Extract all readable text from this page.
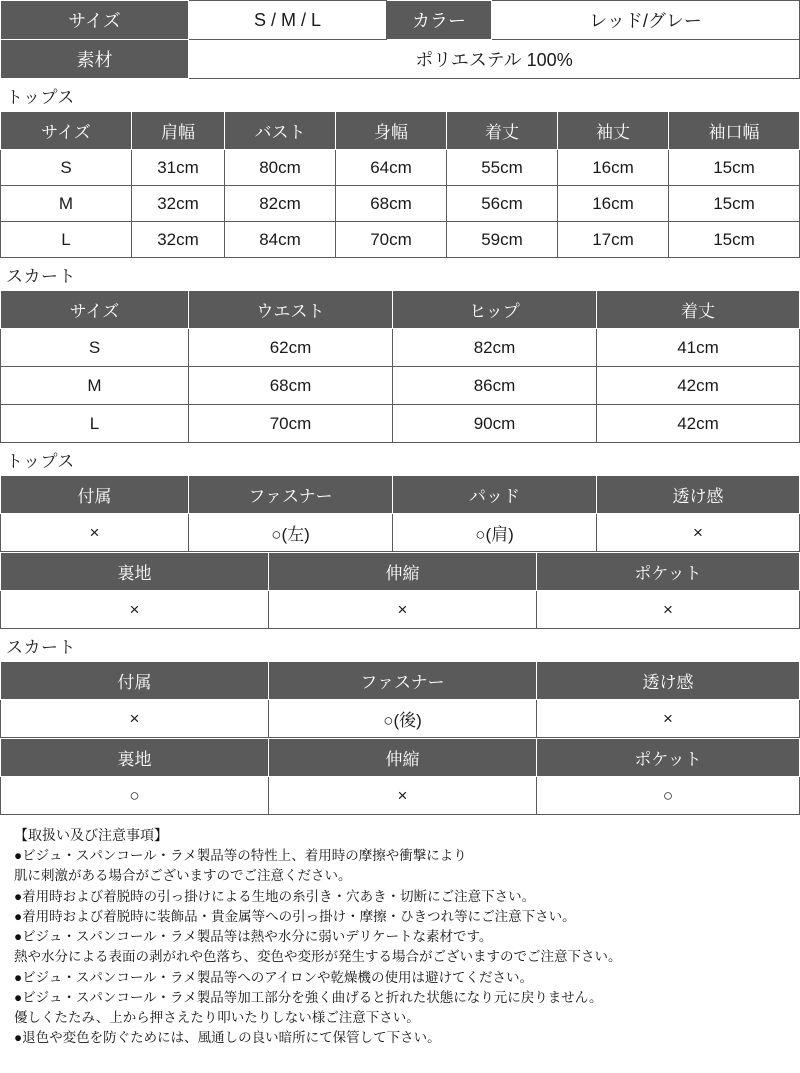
サイズ	S / M / L	カラー	レッド/グレー
素材	ポリエステル 100%		
トップス
サイズ	肩幅	バスト	身幅	着丈	袖丈	袖口幅
S	31cm	80cm	64cm	55cm	16cm	15cm
M	32cm	82cm	68cm	56cm	16cm	15cm
L	32cm	84cm	70cm	59cm	17cm	15cm
スカート
サイズ	ウエスト	ヒップ	着丈
S	62cm	82cm	41cm
M	68cm	86cm	42cm
L	70cm	90cm	42cm
トップス
付属	ファスナー	パッド	透け感
×	○(左)	○(肩)	×
裏地	伸縮	ポケット
×	×	×
スカート
付属	ファスナー	透け感
×	○(後)	×
裏地	伸縮	ポケット
○	×	○
【取扱い及び注意事項】
●ビジュ・スパンコール・ラメ製品等の特性上、着用時の摩擦や衝撃により
肌に刺激がある場合がございますのでご注意ください。
●着用時および着脱時の引っ掛けによる生地の糸引き・穴あき・切断にご注意下さい。
●着用時および着脱時に装飾品・貴金属等への引っ掛け・摩擦・ひきつれ等にご注意下さい。
●ビジュ・スパンコール・ラメ製品等は熱や水分に弱いデリケートな素材です。
熱や水分による表面の剥がれや色落ち、変色や変形が発生する場合がございますのでご注意下さい。
●ビジュ・スパンコール・ラメ製品等へのアイロンや乾燥機の使用は避けてください。
●ビジュ・スパンコール・ラメ製品等加工部分を強く曲げると折れた状態になり元に戻りません。
優しくたたみ、上から押さえたり叩いたりしない様ご注意下さい。
●退色や変色を防ぐためには、風通しの良い暗所にて保管して下さい。
